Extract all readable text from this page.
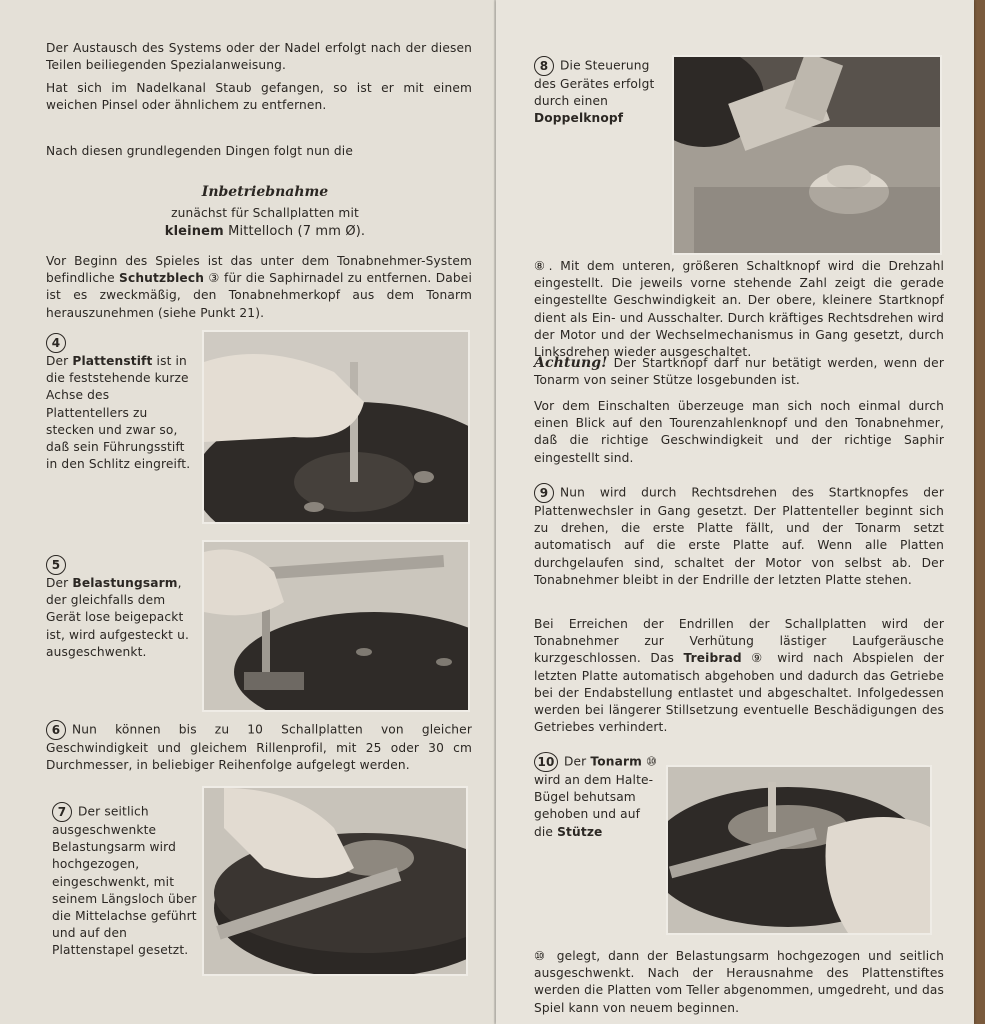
Der Austausch des Systems oder der Nadel erfolgt nach der diesen Teilen beiliegenden Spezialanweisung.

Hat sich im Nadelkanal Staub gefangen, so ist er mit einem weichen Pinsel oder ähnlichem zu entfernen.

Nach diesen grundlegenden Dingen folgt nun die

Inbetriebnahme

zunächst für Schallplatten mit

kleinem Mittelloch (7 mm Ø).

Vor Beginn des Spieles ist das unter dem Tonabnehmer-System befindliche Schutzblech ③ für die Saphirnadel zu entfernen. Dabei ist es zweckmäßig, den Tonabnehmerkopf aus dem Tonarm herauszunehmen (siehe Punkt 21).

4
Der Plattenstift ist in die feststehende kurze Achse des Plattentellers zu stecken und zwar so, daß sein Führungsstift in den Schlitz eingreift.

5
Der Belastungsarm, der gleichfalls dem Gerät lose beigepackt ist, wird aufgesteckt u. ausgeschwenkt.

6 Nun können bis zu 10 Schallplatten von gleicher Geschwindigkeit und gleichem Rillenprofil, mit 25 oder 30 cm Durchmesser, in beliebiger Reihenfolge aufgelegt werden.

7 Der seitlich ausgeschwenkte Belastungsarm wird hochgezogen, eingeschwenkt, mit seinem Längsloch über die Mittelachse geführt und auf den Plattenstapel gesetzt.

8 Die Steuerung des Gerätes erfolgt durch einen Doppelknopf

⑧. Mit dem unteren, größeren Schaltknopf wird die Drehzahl eingestellt. Die jeweils vorne stehende Zahl zeigt die gerade eingestellte Geschwindigkeit an. Der obere, kleinere Startknopf dient als Ein- und Ausschalter. Durch kräftiges Rechtsdrehen wird der Motor und der Wechselmechanismus in Gang gesetzt, durch Linksdrehen wieder ausgeschaltet.

Achtung! Der Startknopf darf nur betätigt werden, wenn der Tonarm von seiner Stütze losgebunden ist.

Vor dem Einschalten überzeuge man sich noch einmal durch einen Blick auf den Tourenzahlenknopf und den Tonabnehmer, daß die richtige Geschwindigkeit und der richtige Saphir eingestellt sind.

9 Nun wird durch Rechtsdrehen des Startknopfes der Plattenwechsler in Gang gesetzt. Der Plattenteller beginnt sich zu drehen, die erste Platte fällt, und der Tonarm setzt automatisch auf die erste Platte auf. Wenn alle Platten durchgelaufen sind, schaltet der Motor von selbst ab. Der Tonabnehmer bleibt in der Endrille der letzten Platte stehen.

Bei Erreichen der Endrillen der Schallplatten wird der Tonabnehmer zur Verhütung lästiger Laufgeräusche kurzgeschlossen. Das Treibrad ⑨ wird nach Abspielen der letzten Platte automatisch abgehoben und dadurch das Getriebe bei der Endabstellung entlastet und abgeschaltet. Infolgedessen werden bei längerer Stillsetzung eventuelle Beschädigungen des Getriebes verhindert.

10 Der Tonarm ⑩ wird an dem Halte-Bügel behutsam gehoben und auf die Stütze

⑩ gelegt, dann der Belastungsarm hochgezogen und seitlich ausgeschwenkt. Nach der Herausnahme des Plattenstiftes werden die Platten vom Teller abgenommen, umgedreht, und das Spiel kann von neuem beginnen.
